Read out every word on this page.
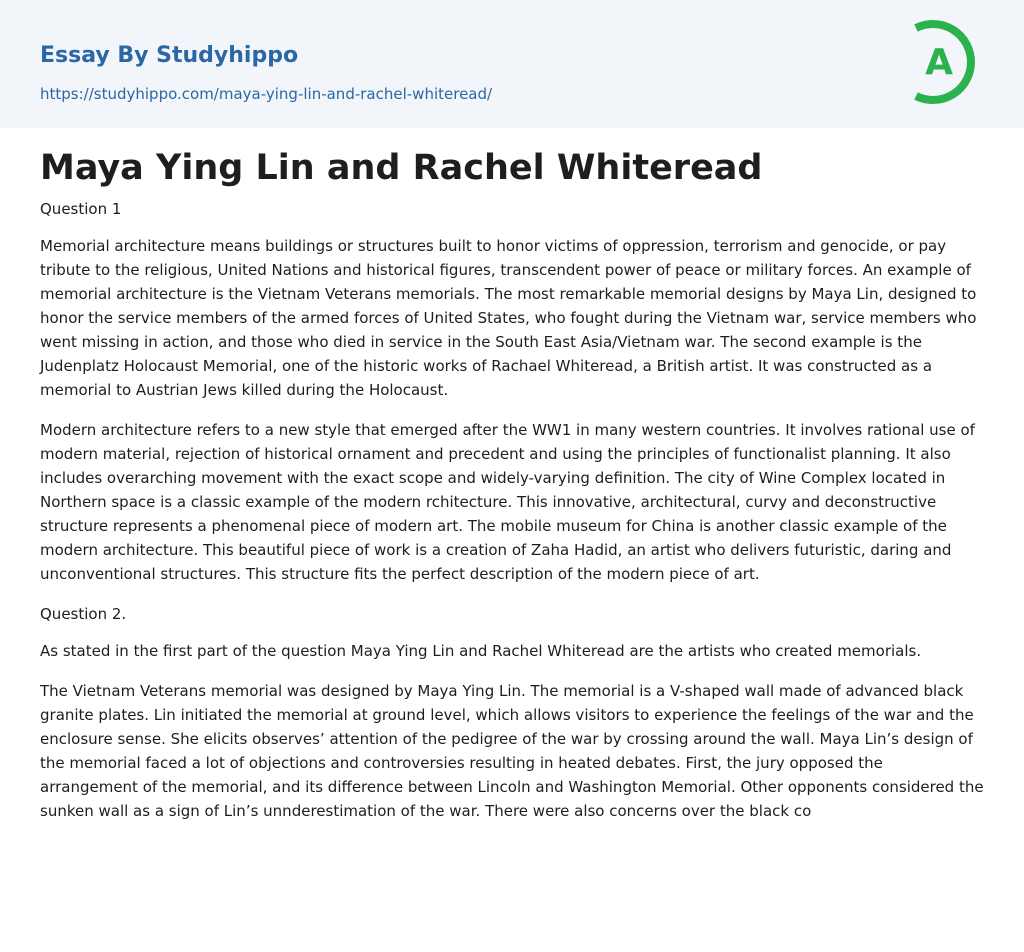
Essay By Studyhippo
https://studyhippo.com/maya-ying-lin-and-rachel-whiteread/
A
Maya Ying Lin and Rachel Whiteread

Question 1

Memorial architecture means buildings or structures built to honor victims of oppression, terrorism and genocide, or pay tribute to the religious, United Nations and historical figures, transcendent power of peace or military forces. An example of memorial architecture is the Vietnam Veterans memorials. The most remarkable memorial designs by Maya Lin, designed to honor the service members of the armed forces of United States, who fought during the Vietnam war, service members who went missing in action, and those who died in service in the South East Asia/Vietnam war. The second example is the Judenplatz Holocaust Memorial, one of the historic works of Rachael Whiteread, a British artist. It was constructed as a memorial to Austrian Jews killed during the Holocaust.

Modern architecture refers to a new style that emerged after the WW1 in many western countries. It involves rational use of modern material, rejection of historical ornament and precedent and using the principles of functionalist planning. It also includes overarching movement with the exact scope and widely-varying definition. The city of Wine Complex located in Northern space is a classic example of the modern rchitecture. This innovative, architectural, curvy and deconstructive structure represents a phenomenal piece of modern art. The mobile museum for China is another classic example of the modern architecture. This beautiful piece of work is a creation of Zaha Hadid, an artist who delivers futuristic, daring and unconventional structures. This structure fits the perfect description of the modern piece of art.

Question 2.

As stated in the first part of the question Maya Ying Lin and Rachel Whiteread are the artists who created memorials.

The Vietnam Veterans memorial was designed by Maya Ying Lin. The memorial is a V-shaped wall made of advanced black granite plates. Lin initiated the memorial at ground level, which allows visitors to experience the feelings of the war and the enclosure sense. She elicits observes’ attention of the pedigree of the war by crossing around the wall. Maya Lin’s design of the memorial faced a lot of objections and controversies resulting in heated debates. First, the jury opposed the arrangement of the memorial, and its difference between Lincoln and Washington Memorial. Other opponents considered the sunken wall as a sign of Lin’s unnderestimation of the war. There were also concerns over the black co
